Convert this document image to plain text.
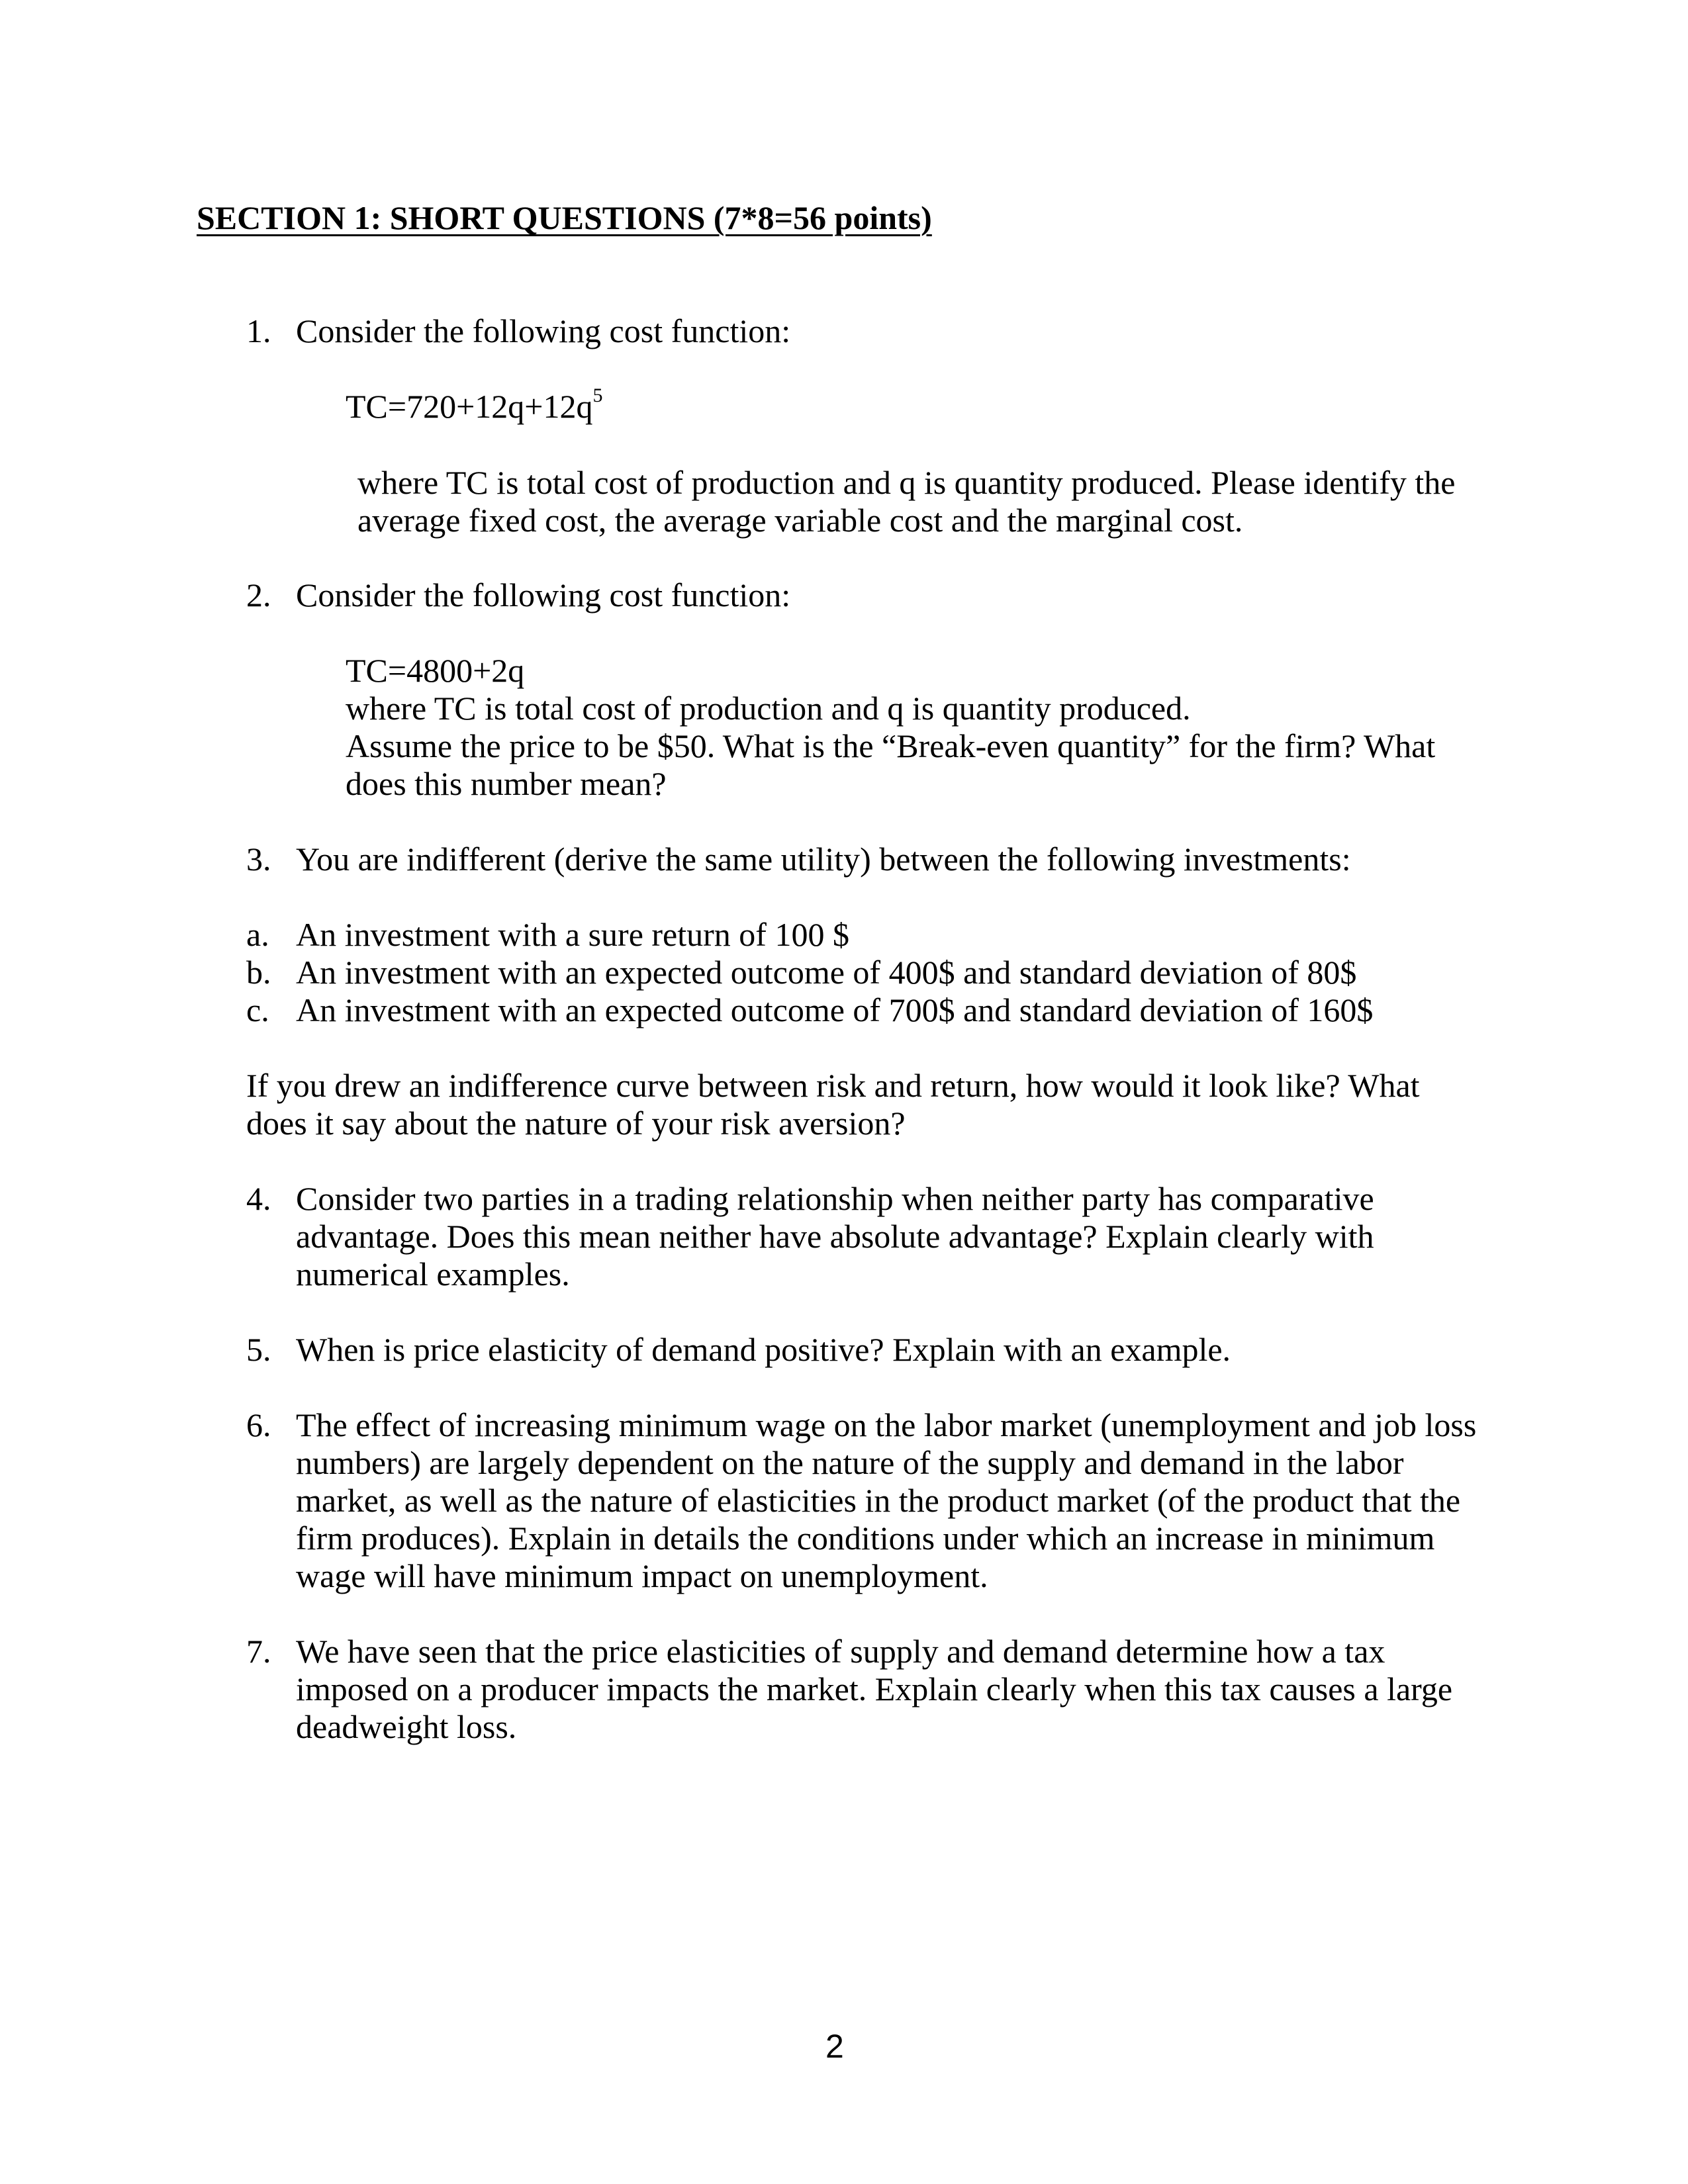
SECTION 1: SHORT QUESTIONS (7*8=56 points)
1. Consider the following cost function:
$TC=720+12q+12q^5$
where TC is total cost of production and q is quantity produced. Please identify the
average fixed cost, the average variable cost and the marginal cost.
2. Consider the following cost function:
TC=4800+2q
where TC is total cost of production and q is quantity produced.
Assume the price to be $50. What is the “Break-even quantity” for the firm? What
does this number mean?
3. You are indifferent (derive the same utility) between the following investments:
a. An investment with a sure return of 100 $
b. An investment with an expected outcome of 400$ and standard deviation of 80$
c. An investment with an expected outcome of 700$ and standard deviation of 160$
If you drew an indifference curve between risk and return, how would it look like? What
does it say about the nature of your risk aversion?
4. Consider two parties in a trading relationship when neither party has comparative
advantage. Does this mean neither have absolute advantage? Explain clearly with
numerical examples.
5. When is price elasticity of demand positive? Explain with an example.
6. The effect of increasing minimum wage on the labor market (unemployment and job loss
numbers) are largely dependent on the nature of the supply and demand in the labor
market, as well as the nature of elasticities in the product market (of the product that the
firm produces). Explain in details the conditions under which an increase in minimum
wage will have minimum impact on unemployment.
7. We have seen that the price elasticities of supply and demand determine how a tax
imposed on a producer impacts the market. Explain clearly when this tax causes a large
deadweight loss.
2
